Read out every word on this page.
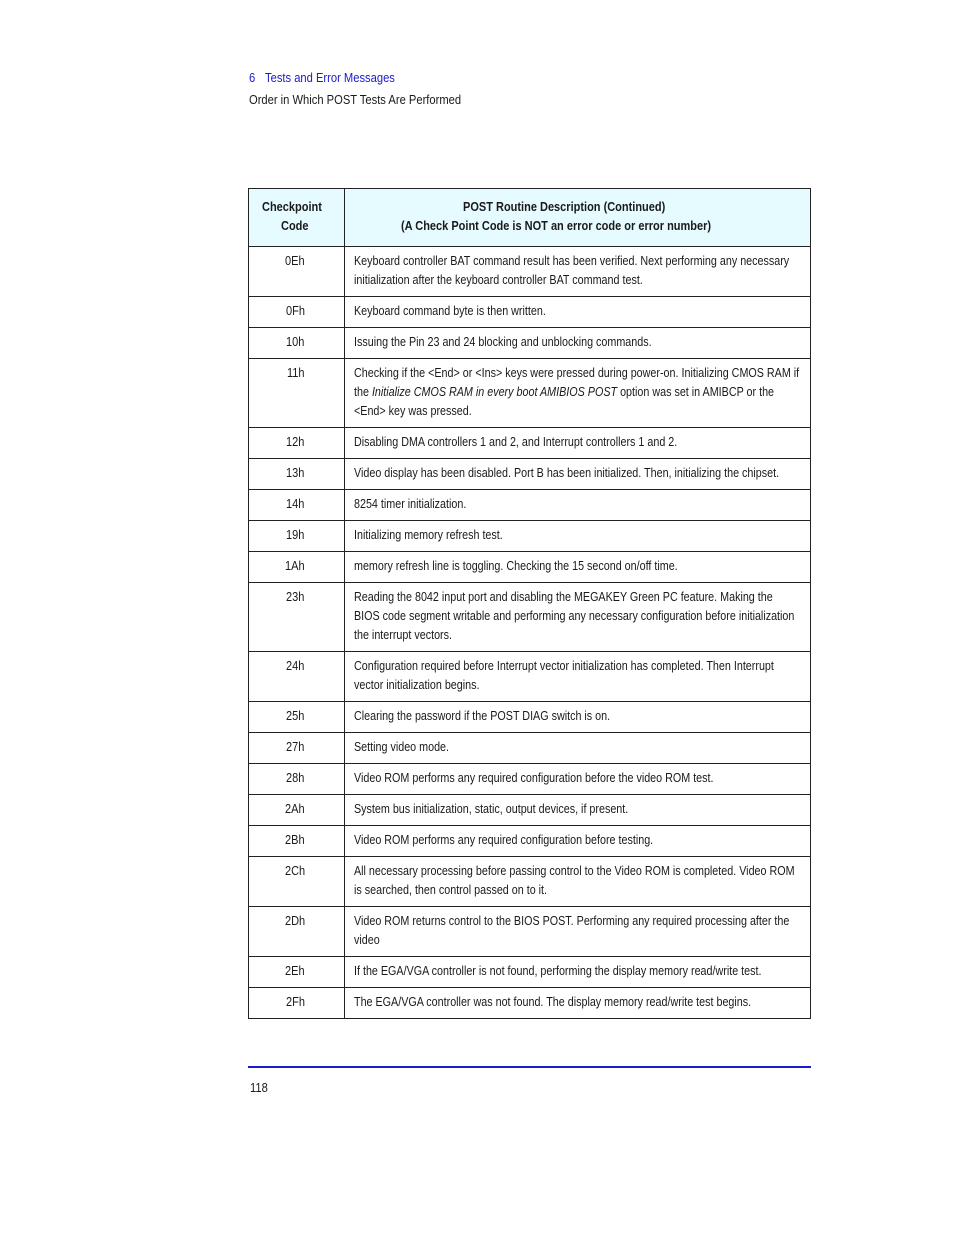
6 Tests and Error Messages
Order in Which POST Tests Are Performed
Checkpoint
Code	POST Routine Description (Continued)
(A Check Point Code is NOT an error code or error number)
0Eh	Keyboard controller BAT command result has been verified. Next performing any necessary initialization after the keyboard controller BAT command test.

0Fh	Keyboard command byte is then written.

10h	Issuing the Pin 23 and 24 blocking and unblocking commands.

11h	Checking if the <End> or <Ins> keys were pressed during power-on. Initializing CMOS RAM if the Initialize CMOS RAM in every boot AMIBIOS POST option was set in AMIBCP or the <End> key was pressed.

12h	Disabling DMA controllers 1 and 2, and Interrupt controllers 1 and 2.

13h	Video display has been disabled. Port B has been initialized. Then, initializing the chipset.

14h	8254 timer initialization.

19h	Initializing memory refresh test.

1Ah	memory refresh line is toggling. Checking the 15 second on/off time.

23h	Reading the 8042 input port and disabling the MEGAKEY Green PC feature. Making the BIOS code segment writable and performing any necessary configuration before initialization the interrupt vectors.

24h	Configuration required before Interrupt vector initialization has completed. Then Interrupt vector initialization begins.

25h	Clearing the password if the POST DIAG switch is on.

27h	Setting video mode.

28h	Video ROM performs any required configuration before the video ROM test.

2Ah	System bus initialization, static, output devices, if present.

2Bh	Video ROM performs any required configuration before testing.

2Ch	All necessary processing before passing control to the Video ROM is completed. Video ROM is searched, then control passed on to it.

2Dh	Video ROM returns control to the BIOS POST. Performing any required processing after the video

2Eh	If the EGA/VGA controller is not found, performing the display memory read/write test.

2Fh	The EGA/VGA controller was not found. The display memory read/write test begins.
118
